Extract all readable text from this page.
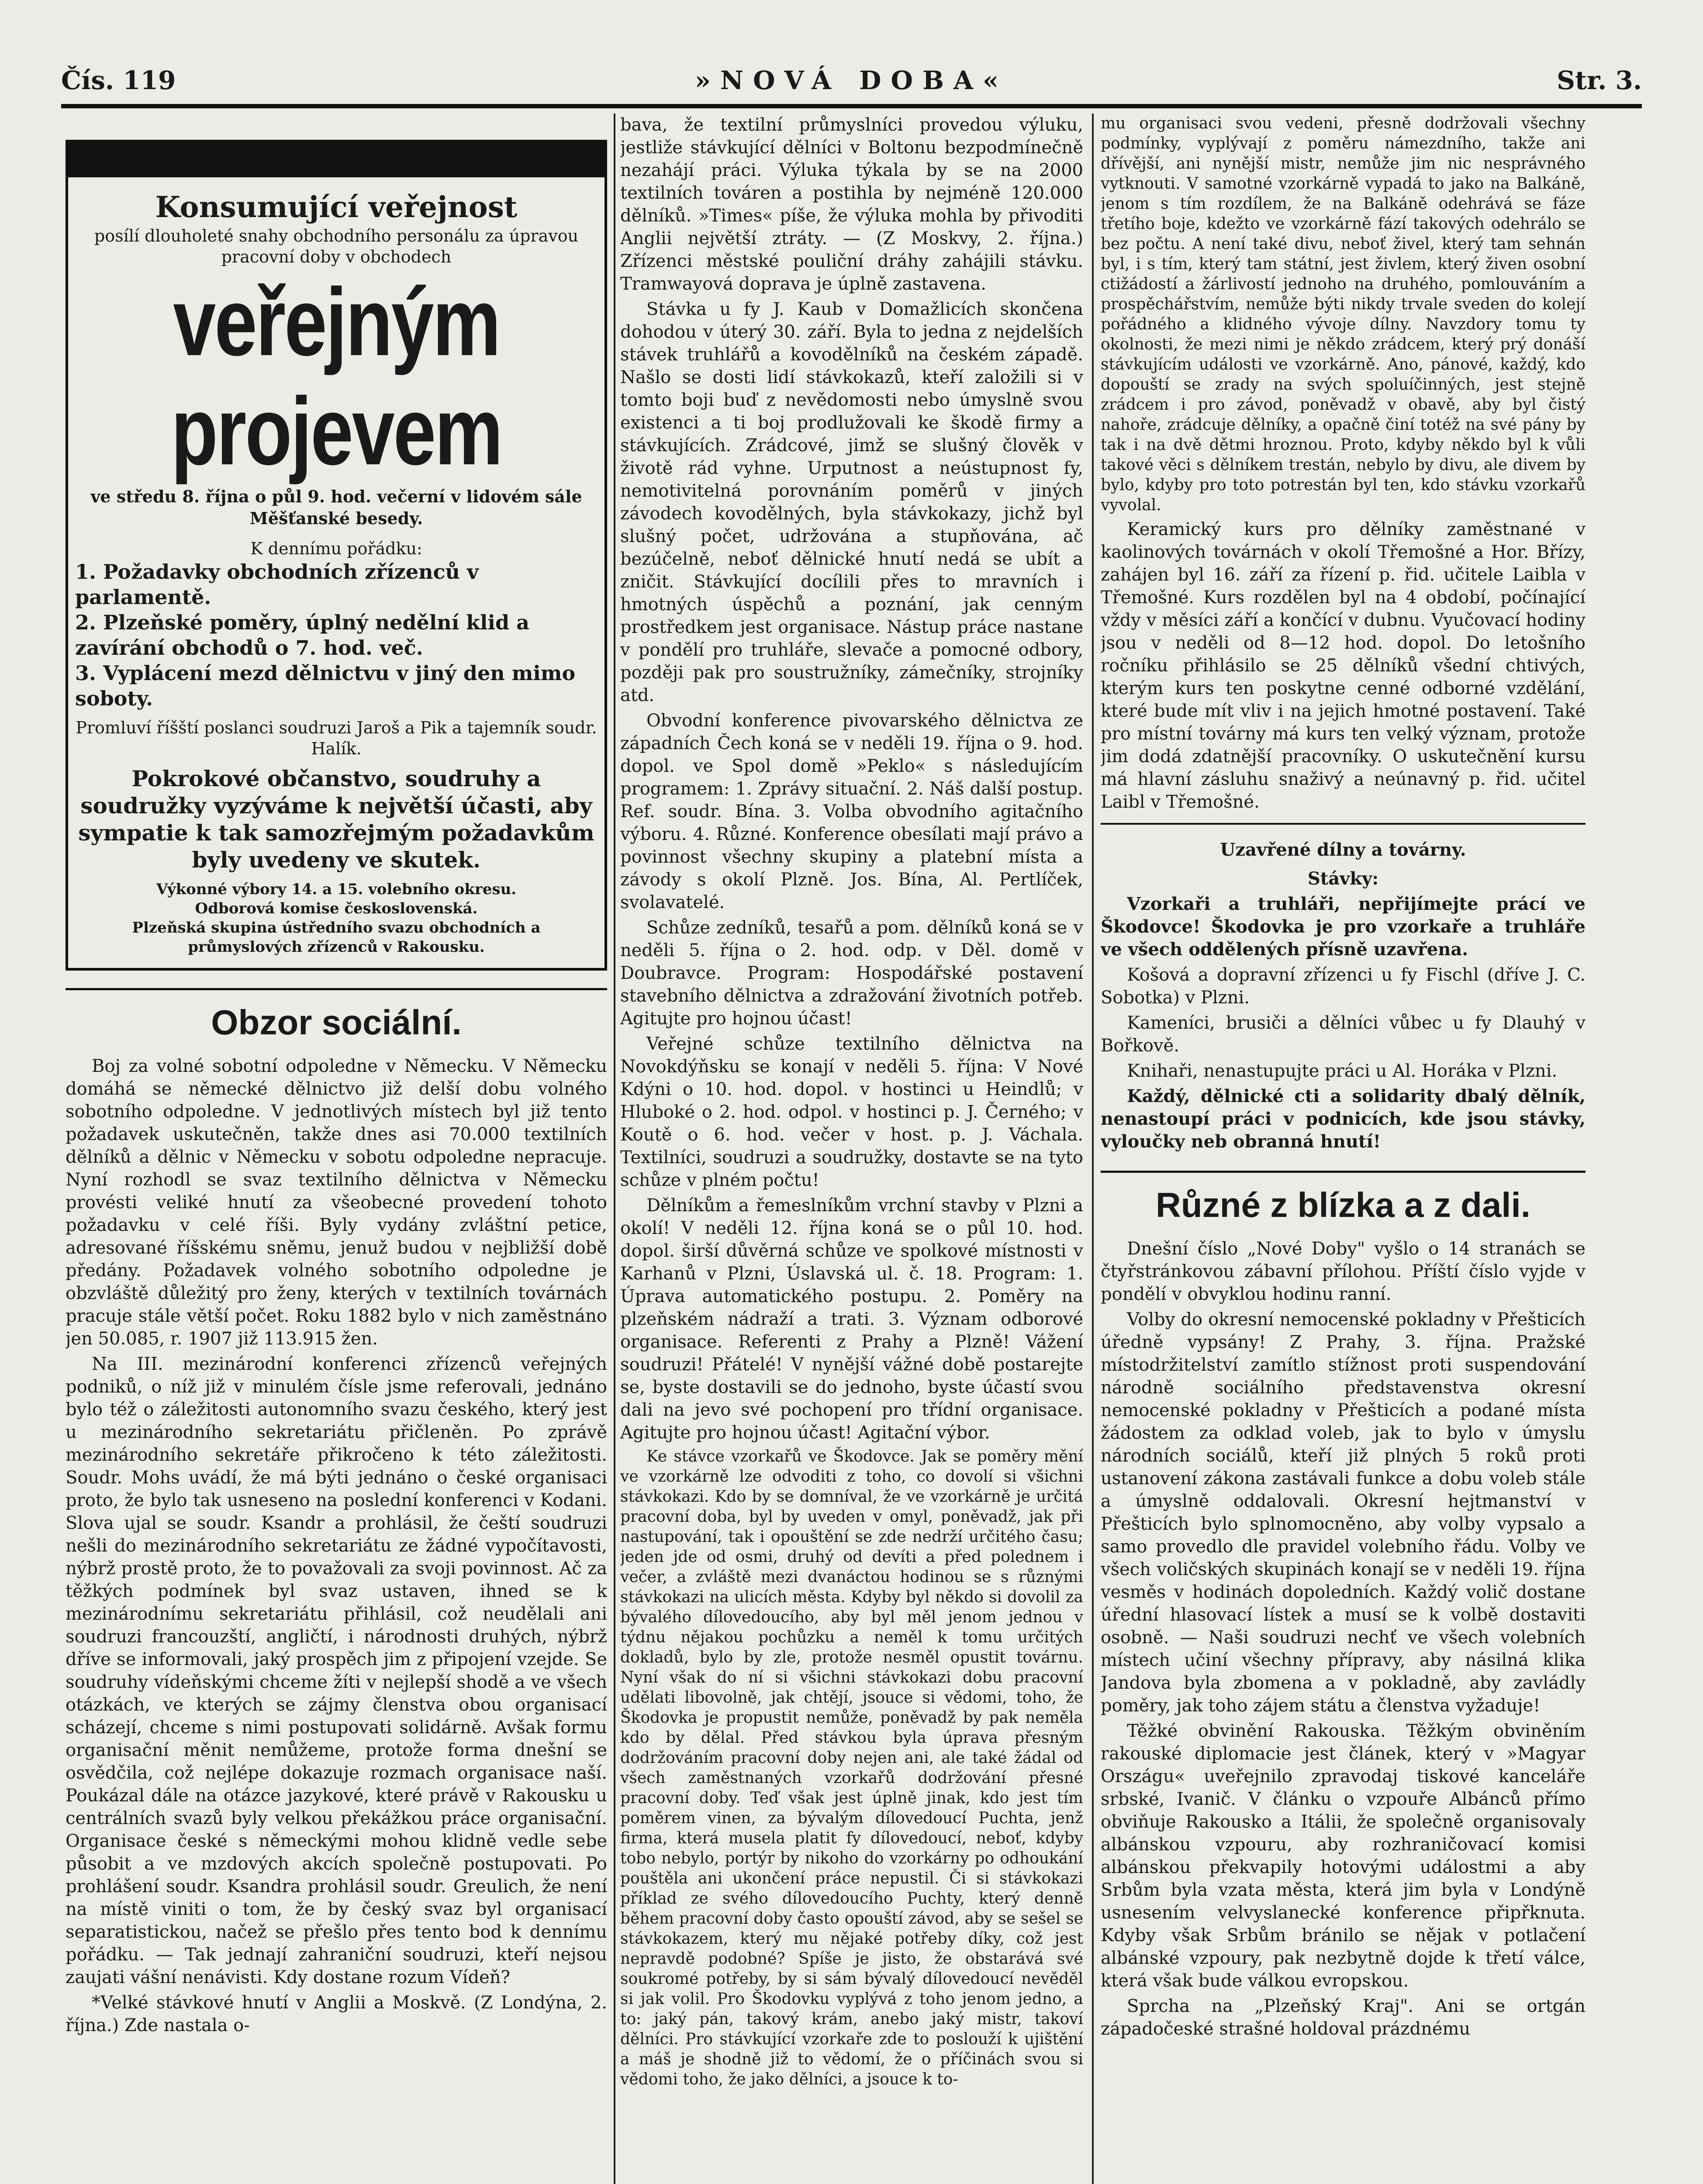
Čís. 119	»NOVÁ DOBA«	Str. 3.
Konsumující veřejnost
posílí dlouholeté snahy obchodního personálu za úpravou pracovní doby v obchodech
veřejným projevem
ve středu 8. října o půl 9. hod. večerní v lidovém sále Měšťanské besedy.
K dennímu pořádku:
1. Požadavky obchodních zřízenců v parlamentě.
2. Plzeňské poměry, úplný nedělní klid a zavírání obchodů o 7. hod. več.
3. Vyplácení mezd dělnictvu v jiný den mimo soboty.
Promluví říšští poslanci soudruzi Jaroš a Pik a tajemník soudr. Halík.
Pokrokové občanstvo, soudruhy a soudružky vyzýváme k největší účasti, aby sympatie k tak samozřejmým požadavkům byly uvedeny ve skutek.
Výkonné výbory 14. a 15. volebního okresu.
Odborová komise československá.
Plzeňská skupina ústředního svazu obchodních a průmyslových zřízenců v Rakousku.
Obzor sociální.

Boj za volné sobotní odpoledne v Německu. V Německu domáhá se německé dělnictvo již delší dobu volného sobotního odpoledne. V jednotlivých místech byl již tento požadavek uskutečněn, takže dnes asi 70.000 textilních dělníků a dělnic v Německu v sobotu odpoledne nepracuje. Nyní rozhodl se svaz textilního dělnictva v Německu provésti veliké hnutí za všeobecné provedení tohoto požadavku v celé říši. Byly vydány zvláštní petice, adresované říšskému sněmu, jenuž budou v nejbližší době předány. Požadavek volného sobotního odpoledne je obzvláště důležitý pro ženy, kterých v textilních továrnách pracuje stále větší počet. Roku 1882 bylo v nich zaměstnáno jen 50.085, r. 1907 již 113.915 žen.

Na III. mezinárodní konferenci zřízenců veřejných podniků, o níž již v minulém čísle jsme referovali, jednáno bylo též o záležitosti autonomního svazu českého, který jest u mezinárodního sekretariátu přičleněn. Po zprávě mezinárodního sekretáře přikročeno k této záležitosti. Soudr. Mohs uvádí, že má býti jednáno o české organisaci proto, že bylo tak usneseno na poslední konferenci v Kodani. Slova ujal se soudr. Ksandr a prohlásil, že čeští soudruzi nešli do mezinárodního sekretariátu ze žádné vypočítavosti, nýbrž prostě proto, že to považovali za svoji povinnost. Ač za těžkých podmínek byl svaz ustaven, ihned se k mezinárodnímu sekretariátu přihlásil, což neudělali ani soudruzi francouzští, angličtí, i národnosti druhých, nýbrž dříve se informovali, jaký prospěch jim z připojení vzejde. Se soudruhy vídeňskými chceme žíti v nejlepší shodě a ve všech otázkách, ve kterých se zájmy členstva obou organisací scházejí, chceme s nimi postupovati solidárně. Avšak formu organisační měnit nemůžeme, protože forma dnešní se osvědčila, což nejlépe dokazuje rozmach organisace naší. Poukázal dále na otázce jazykové, které právě v Rakousku u centrálních svazů byly velkou překážkou práce organisační. Organisace české s německými mohou klidně vedle sebe působit a ve mzdových akcích společně postupovati. Po prohlášení soudr. Ksandra prohlásil soudr. Greulich, že není na místě viniti o tom, že by český svaz byl organisací separatistickou, načež se přešlo přes tento bod k dennímu pořádku. — Tak jednají zahraniční soudruzi, kteří nejsou zaujati vášní nenávisti. Kdy dostane rozum Vídeň?

*Velké stávkové hnutí v Anglii a Moskvě. (Z Londýna, 2. října.) Zde nastala o-

bava, že textilní průmyslníci provedou výluku, jestliže stávkující dělníci v Boltonu bezpodmínečně nezahájí práci. Výluka týkala by se na 2000 textilních továren a postihla by nejméně 120.000 dělníků. »Times« píše, že výluka mohla by přivoditi Anglii největší ztráty. — (Z Moskvy, 2. října.) Zřízenci městské pouliční dráhy zahájili stávku. Tramwayová doprava je úplně zastavena.

Stávka u fy J. Kaub v Domažlicích skončena dohodou v úterý 30. září. Byla to jedna z nejdelších stávek truhlářů a kovodělníků na českém západě. Našlo se dosti lidí stávkokazů, kteří založili si v tomto boji buď z nevědomosti nebo úmyslně svou existenci a ti boj prodlužovali ke škodě firmy a stávkujících. Zrádcové, jimž se slušný člověk v životě rád vyhne. Urputnost a neústupnost fy, nemotivitelná porovnáním poměrů v jiných závodech kovodělných, byla stávkokazy, jichž byl slušný počet, udržována a stupňována, ač bezúčelně, neboť dělnické hnutí nedá se ubít a zničit. Stávkující docílili přes to mravních i hmotných úspěchů a poznání, jak cenným prostředkem jest organisace. Nástup práce nastane v pondělí pro truhláře, slevače a pomocné odbory, později pak pro soustružníky, zámečníky, strojníky atd.

Obvodní konference pivovarského dělnictva ze západních Čech koná se v neděli 19. října o 9. hod. dopol. ve Spol domě »Peklo« s následujícím programem: 1. Zprávy situační. 2. Náš další postup. Ref. soudr. Bína. 3. Volba obvodního agitačního výboru. 4. Různé. Konference obesílati mají právo a povinnost všechny skupiny a platební místa a závody s okolí Plzně. Jos. Bína, Al. Pertlíček, svolavatelé.

Schůze zedníků, tesařů a pom. dělníků koná se v neděli 5. října o 2. hod. odp. v Děl. domě v Doubravce. Program: Hospodářské postavení stavebního dělnictva a zdražování životních potřeb. Agitujte pro hojnou účast!

Veřejné schůze textilního dělnictva na Novokdýňsku se konají v neděli 5. října: V Nové Kdýni o 10. hod. dopol. v hostinci u Heindlů; v Hluboké o 2. hod. odpol. v hostinci p. J. Černého; v Koutě o 6. hod. večer v host. p. J. Váchala. Textilníci, soudruzi a soudružky, dostavte se na tyto schůze v plném počtu!

Dělníkům a řemeslníkům vrchní stavby v Plzni a okolí! V neděli 12. října koná se o půl 10. hod. dopol. širší důvěrná schůze ve spolkové místnosti v Karhanů v Plzni, Úslavská ul. č. 18. Program: 1. Úprava automatického postupu. 2. Poměry na plzeňském nádraží a trati. 3. Význam odborové organisace. Referenti z Prahy a Plzně! Vážení soudruzi! Přátelé! V nynější vážné době postarejte se, byste dostavili se do jednoho, byste účastí svou dali na jevo své pochopení pro třídní organisace. Agitujte pro hojnou účast! Agitační výbor.

Ke stávce vzorkařů ve Škodovce. Jak se poměry mění ve vzorkárně lze odvoditi z toho, co dovolí si všichni stávkokazi. Kdo by se domníval, že ve vzorkárně je určitá pracovní doba, byl by uveden v omyl, poněvadž, jak při nastupování, tak i opouštění se zde nedrží určitého času; jeden jde od osmi, druhý od devíti a před polednem i večer, a zvláště mezi dvanáctou hodinou se s různými stávkokazi na ulicích města. Kdyby byl někdo si dovolil za bývalého dílovedoucího, aby byl měl jenom jednou v týdnu nějakou pochůzku a neměl k tomu určitých dokladů, bylo by zle, protože nesměl opustit továrnu. Nyní však do ní si všichni stávkokazi dobu pracovní udělati libovolně, jak chtějí, jsouce si vědomi, toho, že Škodovka je propustit nemůže, poněvadž by pak neměla kdo by dělal. Před stávkou byla úprava přesným dodržováním pracovní doby nejen ani, ale také žádal od všech zaměstnaných vzorkařů dodržování přesné pracovní doby. Teď však jest úplně jinak, kdo jest tím poměrem vinen, za bývalým dílovedoucí Puchta, jenž firma, která musela platit fy dílovedoucí, neboť, kdyby tobo nebylo, portýr by nikoho do vzorkárny po odhoukání pouštěla ani ukončení práce nepustil. Či si stávkokazi příklad ze svého dílovedoucího Puchty, který denně během pracovní doby často opouští závod, aby se sešel se stávkokazem, který mu nějaké potřeby díky, což jest nepravdě podobné? Spíše je jisto, že obstarává své soukromé potřeby, by si sám bývalý dílovedoucí nevěděl si jak volil. Pro Škodovku vyplývá z toho jenom jedno, a to: jaký pán, takový krám, anebo jaký mistr, takoví dělníci. Pro stávkující vzorkaře zde to poslouží k ujištění a máš je shodně již to vědomí, že o příčinách svou si vědomi toho, že jako dělníci, a jsouce k to-

mu organisaci svou vedeni, přesně dodržovali všechny podmínky, vyplývají z poměru námezdního, takže ani dřívější, ani nynější mistr, nemůže jim nic nesprávného vytknouti. V samotné vzorkárně vypadá to jako na Balkáně, jenom s tím rozdílem, že na Balkáně odehrává se fáze třetího boje, kdežto ve vzorkárně fází takových odehrálo se bez počtu. A není také divu, neboť živel, který tam sehnán byl, i s tím, který tam státní, jest živlem, který živen osobní ctižádostí a žárlivostí jednoho na druhého, pomlouváním a prospěchářstvím, nemůže býti nikdy trvale sveden do kolejí pořádného a klidného vývoje dílny. Navzdory tomu ty okolnosti, že mezi nimi je někdo zrádcem, který prý donáší stávkujícím události ve vzorkárně. Ano, pánové, každý, kdo dopouští se zrady na svých spoluíčinných, jest stejně zrádcem i pro závod, poněvadž v obavě, aby byl čistý nahoře, zrádcuje dělníky, a opačně činí totéž na své pány by tak i na dvě dětmi hroznou. Proto, kdyby někdo byl k vůli takové věci s dělníkem trestán, nebylo by divu, ale divem by bylo, kdyby pro toto potrestán byl ten, kdo stávku vzorkařů vyvolal.

Keramický kurs pro dělníky zaměstnané v kaolinových továrnách v okolí Třemošné a Hor. Břízy, zahájen byl 16. září za řízení p. řid. učitele Laibla v Třemošné. Kurs rozdělen byl na 4 období, počínající vždy v měsíci září a končící v dubnu. Vyučovací hodiny jsou v neděli od 8—12 hod. dopol. Do letošního ročníku přihlásilo se 25 dělníků všední chtivých, kterým kurs ten poskytne cenné odborné vzdělání, které bude mít vliv i na jejich hmotné postavení. Také pro místní továrny má kurs ten velký význam, protože jim dodá zdatnější pracovníky. O uskutečnění kursu má hlavní zásluhu snaživý a neúnavný p. řid. učitel Laibl v Třemošné.

Uzavřené dílny a továrny.
Stávky:

Vzorkaři a truhláři, nepřijímejte prácí ve Škodovce! Škodovka je pro vzorkaře a truhláře ve všech oddělených přísně uzavřena.

Košová a dopravní zřízenci u fy Fischl (dříve J. C. Sobotka) v Plzni.

Kameníci, brusiči a dělníci vůbec u fy Dlauhý v Bořkově.

Knihaři, nenastupujte práci u Al. Horáka v Plzni.

Každý, dělnické cti a solidarity dbalý dělník, nenastoupí práci v podnicích, kde jsou stávky, vyloučky neb obranná hnutí!

Různé z blízka a z dali.

Dnešní číslo „Nové Doby" vyšlo o 14 stranách se čtyřstránkovou zábavní přílohou. Příští číslo vyjde v pondělí v obvyklou hodinu ranní.

Volby do okresní nemocenské pokladny v Přešticích úředně vypsány! Z Prahy, 3. října. Pražské místodržitelství zamítlo stížnost proti suspendování národně sociálního představenstva okresní nemocenské pokladny v Přešticích a podané místa žádostem za odklad voleb, jak to bylo v úmyslu národních sociálů, kteří již plných 5 roků proti ustanovení zákona zastávali funkce a dobu voleb stále a úmyslně oddalovali. Okresní hejtmanství v Přešticích bylo splnomocněno, aby volby vypsalo a samo provedlo dle pravidel volebního řádu. Volby ve všech voličských skupinách konají se v neděli 19. října vesměs v hodinách dopoledních. Každý volič dostane úřední hlasovací lístek a musí se k volbě dostaviti osobně. — Naši soudruzi nechť ve všech volebních místech učiní všechny přípravy, aby násilná klika Jandova byla zbomena a v pokladně, aby zavládly poměry, jak toho zájem státu a členstva vyžaduje!

Těžké obvinění Rakouska. Těžkým obviněním rakouské diplomacie jest článek, který v »Magyar Országu« uveřejnilo zpravodaj tiskové kanceláře srbské, Ivanič. V článku o vzpouře Albánců přímo obviňuje Rakousko a Itálii, že společně organisovaly albánskou vzpouru, aby rozhraničovací komisi albánskou překvapily hotovými událostmi a aby Srbům byla vzata města, která jim byla v Londýně usnesením velvyslanecké konference připřknuta. Kdyby však Srbům bránilo se nějak v potlačení albánské vzpoury, pak nezbytně dojde k třetí válce, která však bude válkou evropskou.

Sprcha na „Plzeňský Kraj". Ani se ortgán západočeské strašné holdoval prázdnému
